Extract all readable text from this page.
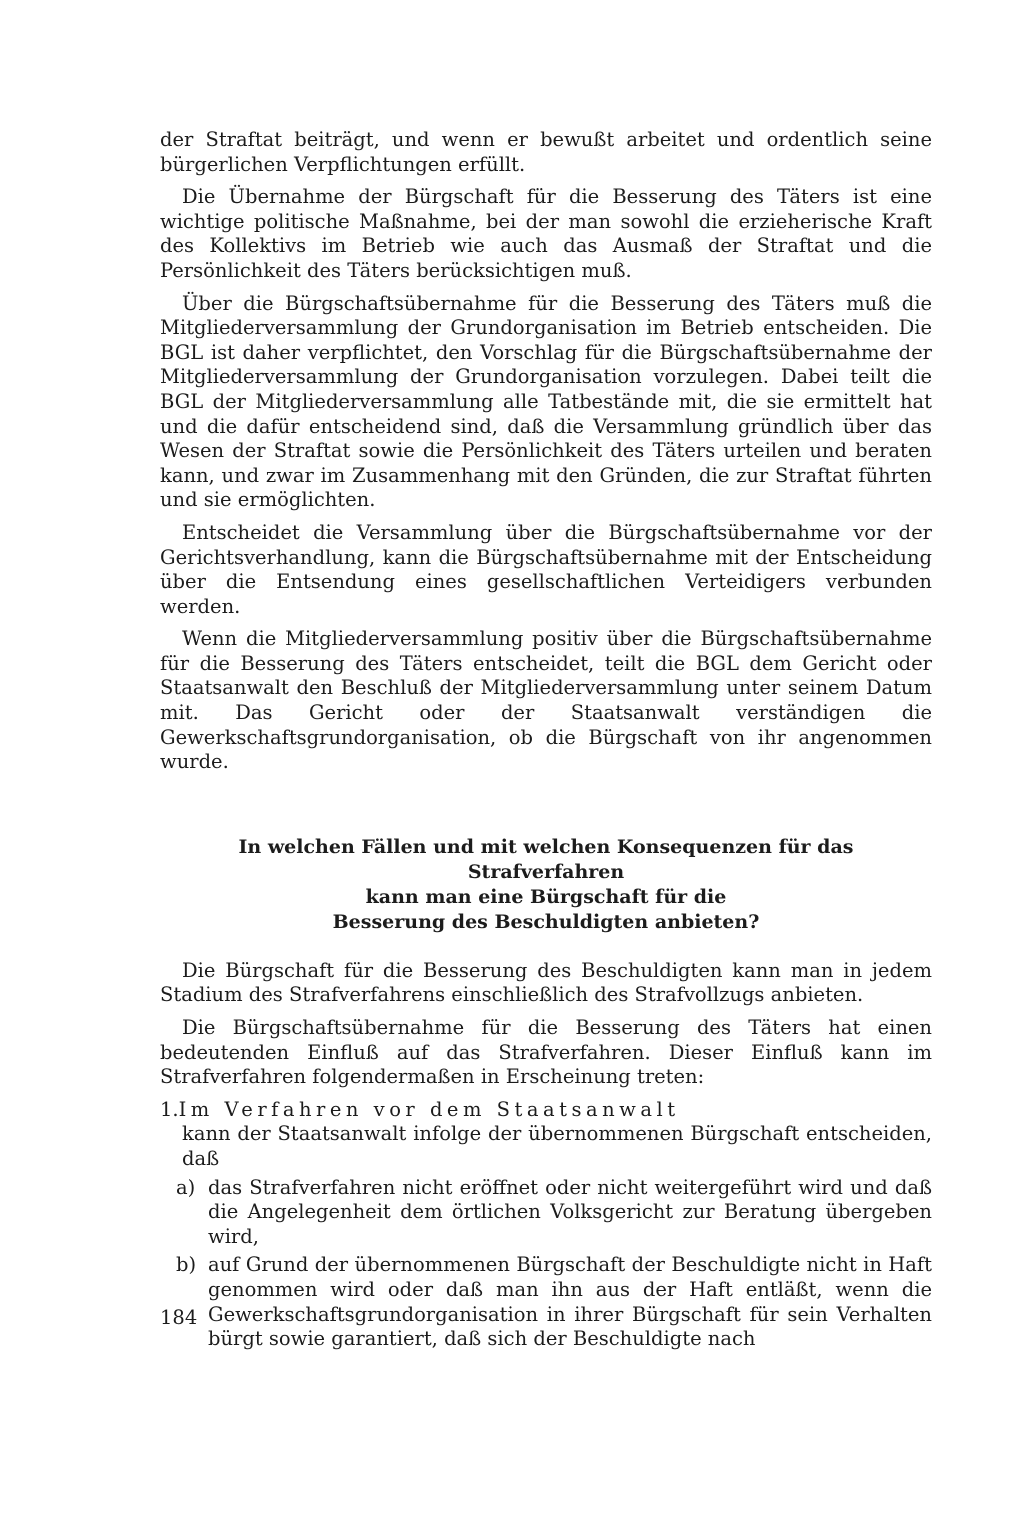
der Straftat beiträgt, und wenn er bewußt arbeitet und ordentlich seine bürgerlichen Verpflichtungen erfüllt.

Die Übernahme der Bürgschaft für die Besserung des Täters ist eine wichtige politische Maßnahme, bei der man sowohl die erzieherische Kraft des Kollektivs im Betrieb wie auch das Ausmaß der Straftat und die Persönlichkeit des Täters berücksichtigen muß.

Über die Bürgschaftsübernahme für die Besserung des Täters muß die Mitgliederversammlung der Grundorganisation im Betrieb entscheiden. Die BGL ist daher verpflichtet, den Vorschlag für die Bürgschaftsübernahme der Mitgliederversammlung der Grundorganisation vorzulegen. Dabei teilt die BGL der Mitgliederversammlung alle Tatbestände mit, die sie ermittelt hat und die dafür entscheidend sind, daß die Versammlung gründlich über das Wesen der Straftat sowie die Persönlichkeit des Täters urteilen und beraten kann, und zwar im Zusammenhang mit den Gründen, die zur Straftat führten und sie ermöglichten.

Entscheidet die Versammlung über die Bürgschaftsübernahme vor der Gerichtsverhandlung, kann die Bürgschaftsübernahme mit der Entscheidung über die Entsendung eines gesellschaftlichen Verteidigers verbunden werden.

Wenn die Mitgliederversammlung positiv über die Bürgschaftsübernahme für die Besserung des Täters entscheidet, teilt die BGL dem Gericht oder Staatsanwalt den Beschluß der Mitgliederversammlung unter seinem Datum mit. Das Gericht oder der Staatsanwalt verständigen die Gewerkschaftsgrundorganisation, ob die Bürgschaft von ihr angenommen wurde.

In welchen Fällen und mit welchen Konsequenzen für das Strafverfahren
kann man eine Bürgschaft für die
Besserung des Beschuldigten anbieten?

Die Bürgschaft für die Besserung des Beschuldigten kann man in jedem Stadium des Strafverfahrens einschließlich des Strafvollzugs anbieten.

Die Bürgschaftsübernahme für die Besserung des Täters hat einen bedeutenden Einfluß auf das Strafverfahren. Dieser Einfluß kann im Strafverfahren folgendermaßen in Erscheinung treten:

1.Im Verfahren vor dem Staatsanwalt

kann der Staatsanwalt infolge der übernommenen Bürgschaft entscheiden, daß

a) das Strafverfahren nicht eröffnet oder nicht weitergeführt wird und daß die Angelegenheit dem örtlichen Volksgericht zur Beratung übergeben wird,
b) auf Grund der übernommenen Bürgschaft der Beschuldigte nicht in Haft genommen wird oder daß man ihn aus der Haft entläßt, wenn die Gewerkschaftsgrundorganisation in ihrer Bürgschaft für sein Verhalten bürgt sowie garantiert, daß sich der Beschuldigte nach
184
